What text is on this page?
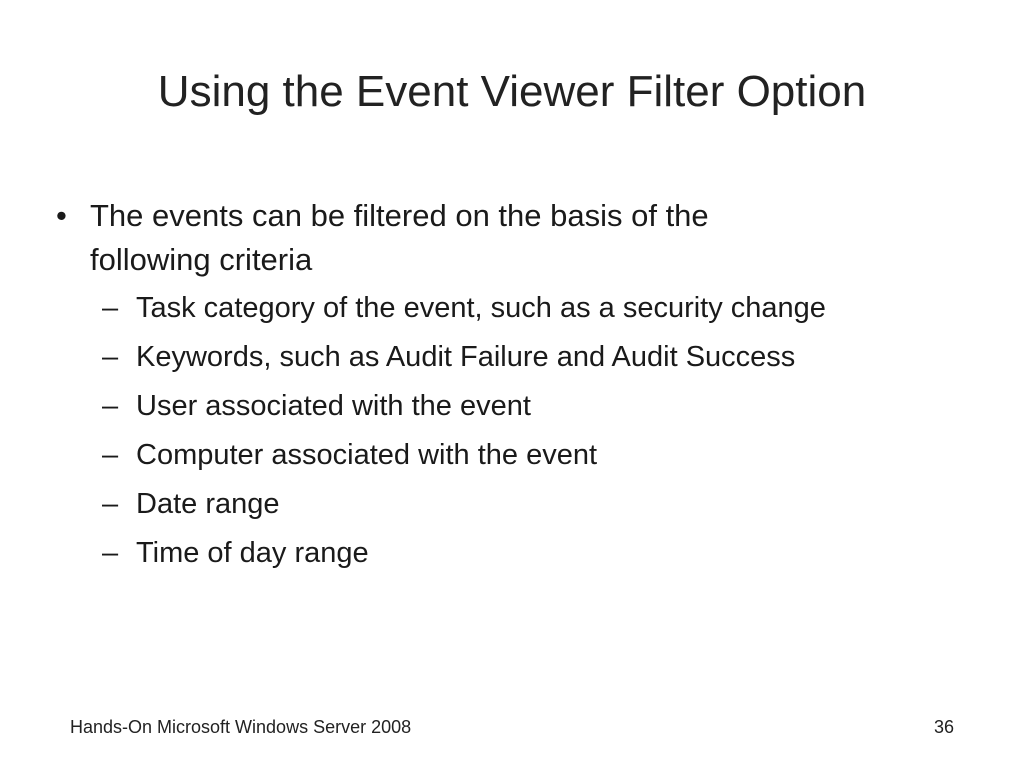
Using the Event Viewer Filter Option
• The events can be filtered on the basis of the
following criteria
– Task category of the event, such as a security change
– Keywords, such as Audit Failure and Audit Success
– User associated with the event
– Computer associated with the event
– Date range
– Time of day range
Hands-On Microsoft Windows Server 2008	36
